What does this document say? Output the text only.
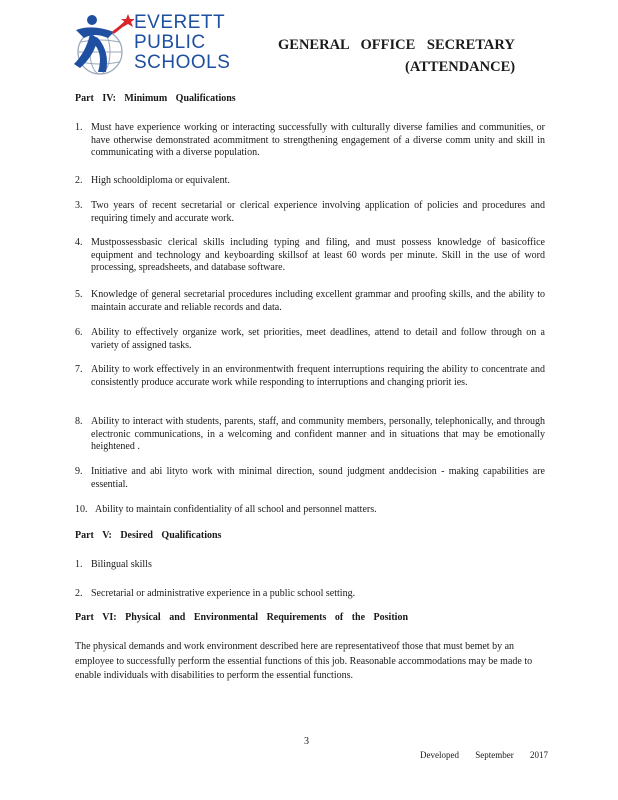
EVERETT
PUBLIC
SCHOOLS
GENERAL OFFICE SECRETARY
(ATTENDANCE)
Part IV: Minimum Qualifications
1. Must have experience working or interacting successfully with culturally diverse families and communities, or have otherwise demonstrated acommitment to strengthening engagement of a diverse comm unity and skill in communicating with a diverse population.
2. High schooldiploma or equivalent.
3. Two years of recent secretarial or clerical experience involving application of policies and procedures and requiring timely and accurate work.
4. Mustpossessbasic clerical skills including typing and filing, and must possess knowledge of basicoffice equipment and technology and keyboarding skillsof at least 60 words per minute. Skill in the use of word processing, spreadsheets, and database software.
5. Knowledge of general secretarial procedures including excellent grammar and proofing skills, and the ability to maintain accurate and reliable records and data.
6. Ability to effectively organize work, set priorities, meet deadlines, attend to detail and follow through on a variety of assigned tasks.
7. Ability to work effectively in an environmentwith frequent interruptions requiring the ability to concentrate and consistently produce accurate work while responding to interruptions and changing priorit ies.
8. Ability to interact with students, parents, staff, and community members, personally, telephonically, and through electronic communications, in a welcoming and confident manner and in situations that may be emotionally heightened .
9. Initiative and abi lityto work with minimal direction, sound judgment anddecision - making capabilities are essential.
10. Ability to maintain confidentiality of all school and personnel matters.
Part V: Desired Qualifications
1. Bilingual skills
2. Secretarial or administrative experience in a public school setting.
Part VI: Physical and Environmental Requirements of the Position
The physical demands and work environment described here are representativeof those that must bemet by an employee to successfully perform the essential functions of this job. Reasonable accommodations may be made to enable individuals with disabilities to perform the essential functions.
3
Developed September 2017
